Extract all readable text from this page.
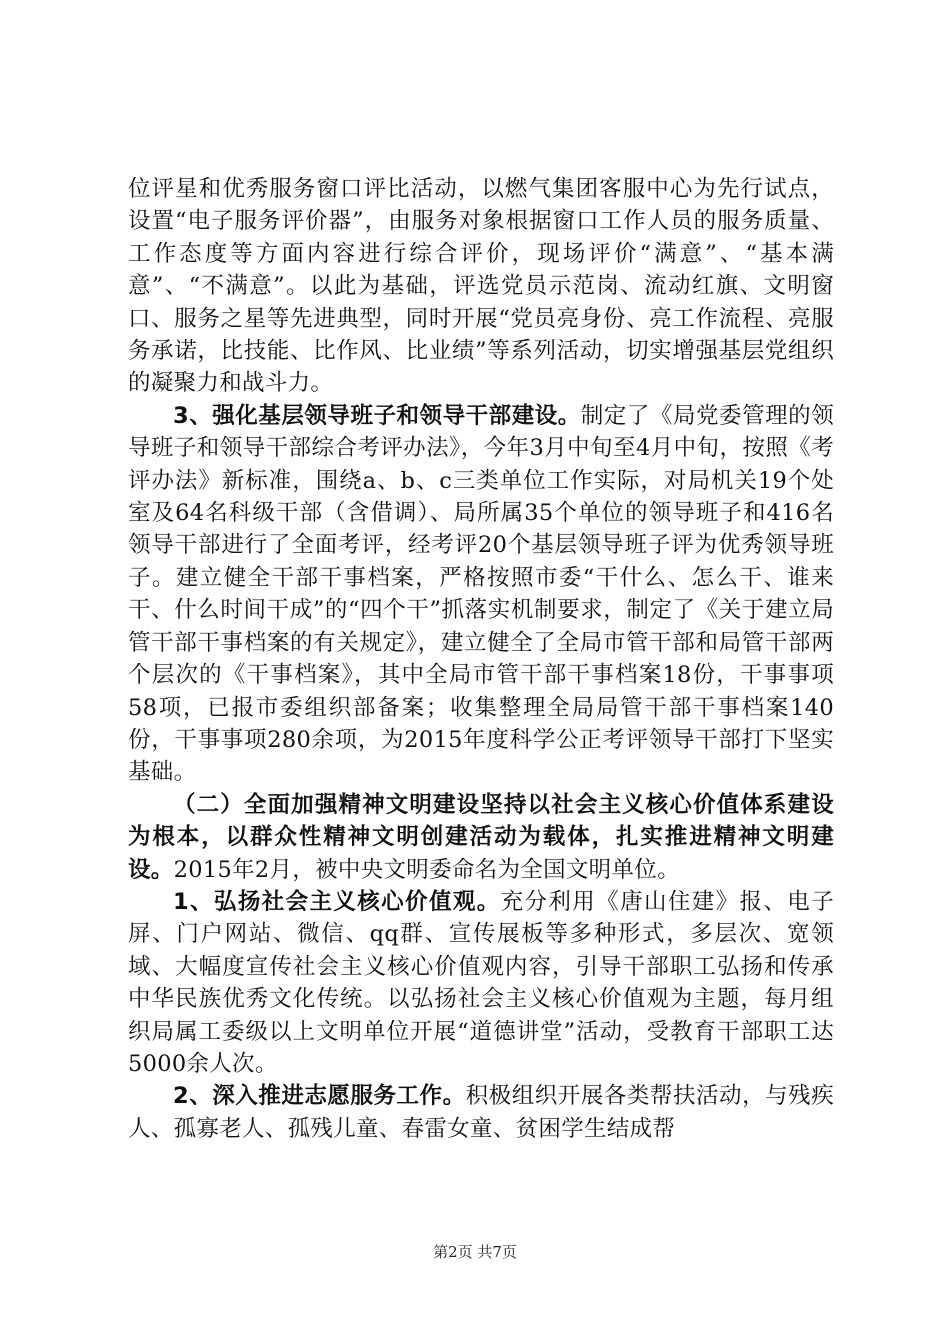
位评星和优秀服务窗口评比活动，以燃气集团客服中心为先行试点，设置“电子服务评价器”，由服务对象根据窗口工作人员的服务质量、工作态度等方面内容进行综合评价，现场评价“满意”、“基本满意”、“不满意”。以此为基础，评选党员示范岗、流动红旗、文明窗口、服务之星等先进典型，同时开展“党员亮身份、亮工作流程、亮服务承诺，比技能、比作风、比业绩”等系列活动，切实增强基层党组织的凝聚力和战斗力。

3、强化基层领导班子和领导干部建设。制定了《局党委管理的领导班子和领导干部综合考评办法》，今年3月中旬至4月中旬，按照《考评办法》新标准，围绕a、b、c三类单位工作实际，对局机关19个处室及64名科级干部（含借调）、局所属35个单位的领导班子和416名领导干部进行了全面考评，经考评20个基层领导班子评为优秀领导班子。建立健全干部干事档案，严格按照市委“干什么、怎么干、谁来干、什么时间干成”的“四个干”抓落实机制要求，制定了《关于建立局管干部干事档案的有关规定》，建立健全了全局市管干部和局管干部两个层次的《干事档案》，其中全局市管干部干事档案18份，干事事项58项，已报市委组织部备案；收集整理全局局管干部干事档案140份，干事事项280余项，为2015年度科学公正考评领导干部打下坚实基础。

（二）全面加强精神文明建设坚持以社会主义核心价值体系建设为根本，以群众性精神文明创建活动为载体，扎实推进精神文明建设。2015年2月，被中央文明委命名为全国文明单位。

1、弘扬社会主义核心价值观。充分利用《唐山住建》报、电子屏、门户网站、微信、qq群、宣传展板等多种形式，多层次、宽领域、大幅度宣传社会主义核心价值观内容，引导干部职工弘扬和传承中华民族优秀文化传统。以弘扬社会主义核心价值观为主题，每月组织局属工委级以上文明单位开展“道德讲堂”活动，受教育干部职工达5000余人次。

2、深入推进志愿服务工作。积极组织开展各类帮扶活动，与残疾人、孤寡老人、孤残儿童、春雷女童、贫困学生结成帮

第2页 共7页
